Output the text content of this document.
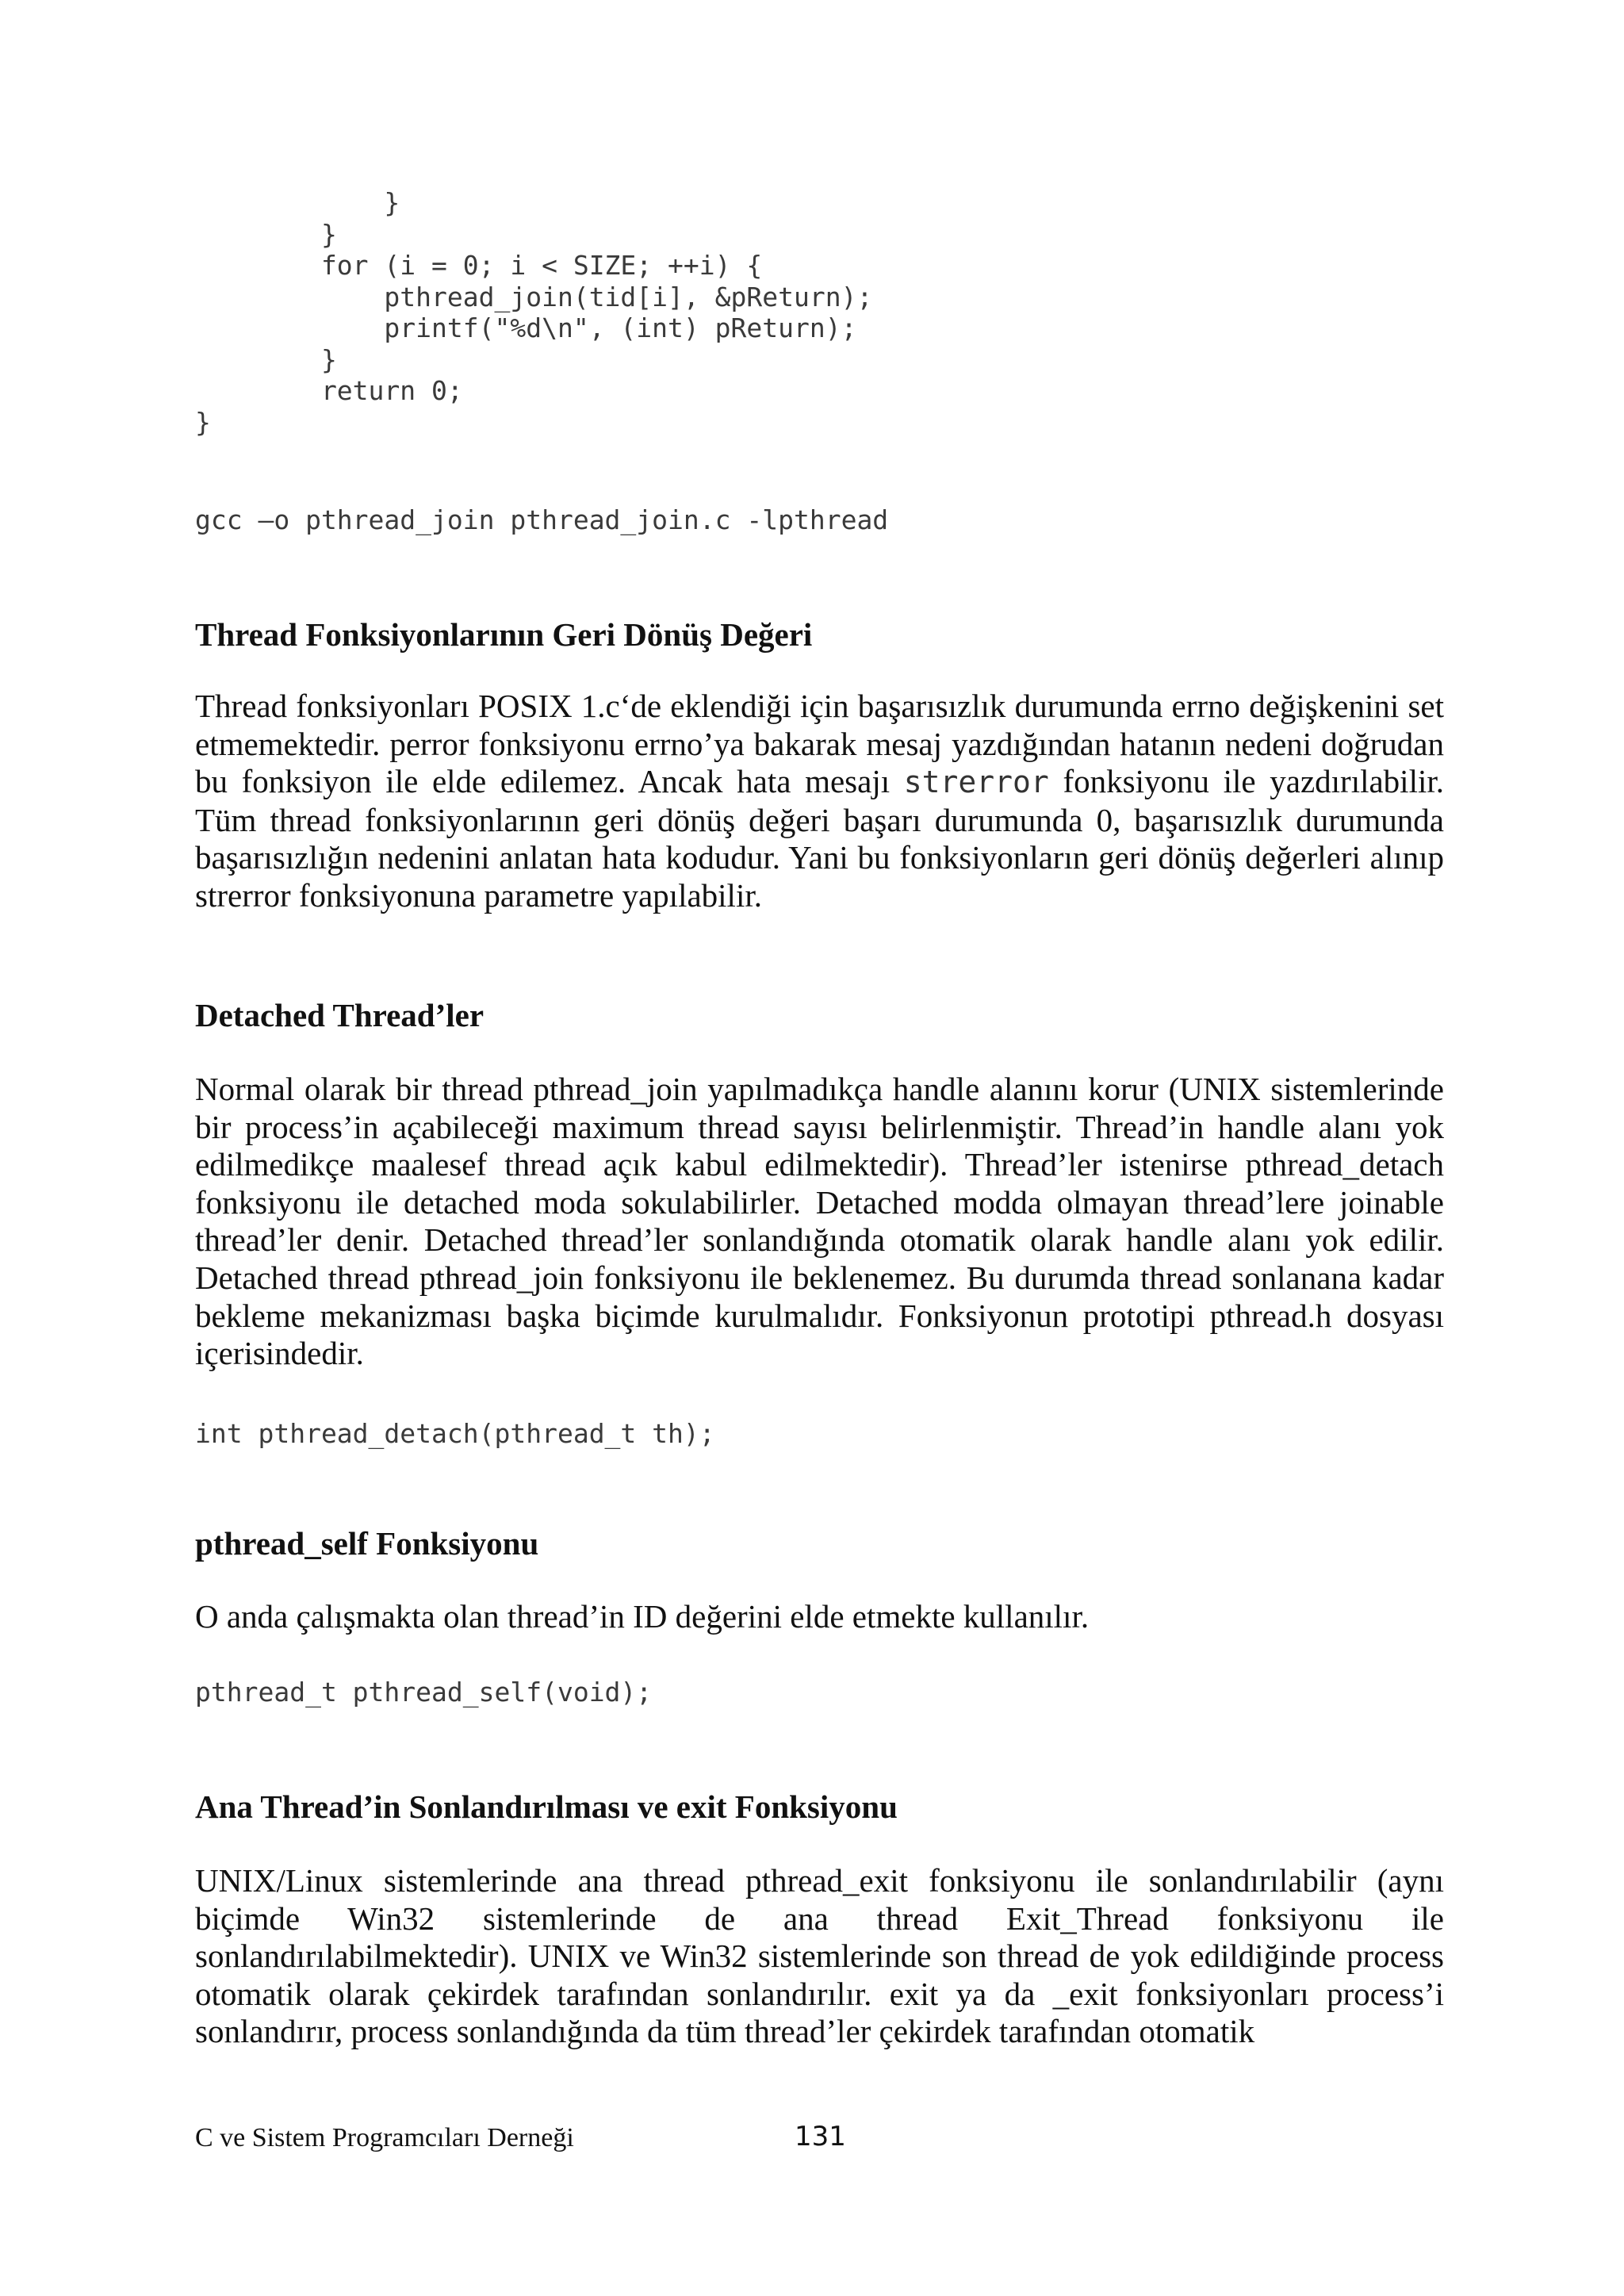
}
}
for (i = 0; i < SIZE; ++i) {
pthread_join(tid[i], &pReturn);
printf("%d\n", (int) pReturn);
}
return 0;
}

gcc –o pthread_join pthread_join.c -lpthread

Thread Fonksiyonlarının Geri Dönüş Değeri

Thread fonksiyonları POSIX 1.c‘de eklendiği için başarısızlık durumunda errno değişkenini set etmemektedir. perror fonksiyonu errno’ya bakarak mesaj yazdığından hatanın nedeni doğrudan bu fonksiyon ile elde edilemez. Ancak hata mesajı strerror fonksiyonu ile yazdırılabilir. Tüm thread fonksiyonlarının geri dönüş değeri başarı durumunda 0, başarısızlık durumunda başarısızlığın nedenini anlatan hata kodudur. Yani bu fonksiyonların geri dönüş değerleri alınıp strerror fonksiyonuna parametre yapılabilir.

Detached Thread’ler

Normal olarak bir thread pthread_join yapılmadıkça handle alanını korur (UNIX sistemlerinde bir process’in açabileceği maximum thread sayısı belirlenmiştir. Thread’in handle alanı yok edilmedikçe maalesef thread açık kabul edilmektedir). Thread’ler istenirse pthread_detach fonksiyonu ile detached moda sokulabilirler. Detached modda olmayan thread’lere joinable thread’ler denir. Detached thread’ler sonlandığında otomatik olarak handle alanı yok edilir. Detached thread pthread_join fonksiyonu ile beklenemez. Bu durumda thread sonlanana kadar bekleme mekanizması başka biçimde kurulmalıdır. Fonksiyonun prototipi pthread.h dosyası içerisindedir.

int pthread_detach(pthread_t th);

pthread_self Fonksiyonu

O anda çalışmakta olan thread’in ID değerini elde etmekte kullanılır.

pthread_t pthread_self(void);

Ana Thread’in Sonlandırılması ve exit Fonksiyonu

UNIX/Linux sistemlerinde ana thread pthread_exit fonksiyonu ile sonlandırılabilir (aynı biçimde Win32 sistemlerinde de ana thread Exit_Thread fonksiyonu ile sonlandırılabilmektedir). UNIX ve Win32 sistemlerinde son thread de yok edildiğinde process otomatik olarak çekirdek tarafından sonlandırılır. exit ya da _exit fonksiyonları process’i sonlandırır, process sonlandığında da tüm thread’ler çekirdek tarafından otomatik

C ve Sistem Programcıları Derneği	131
